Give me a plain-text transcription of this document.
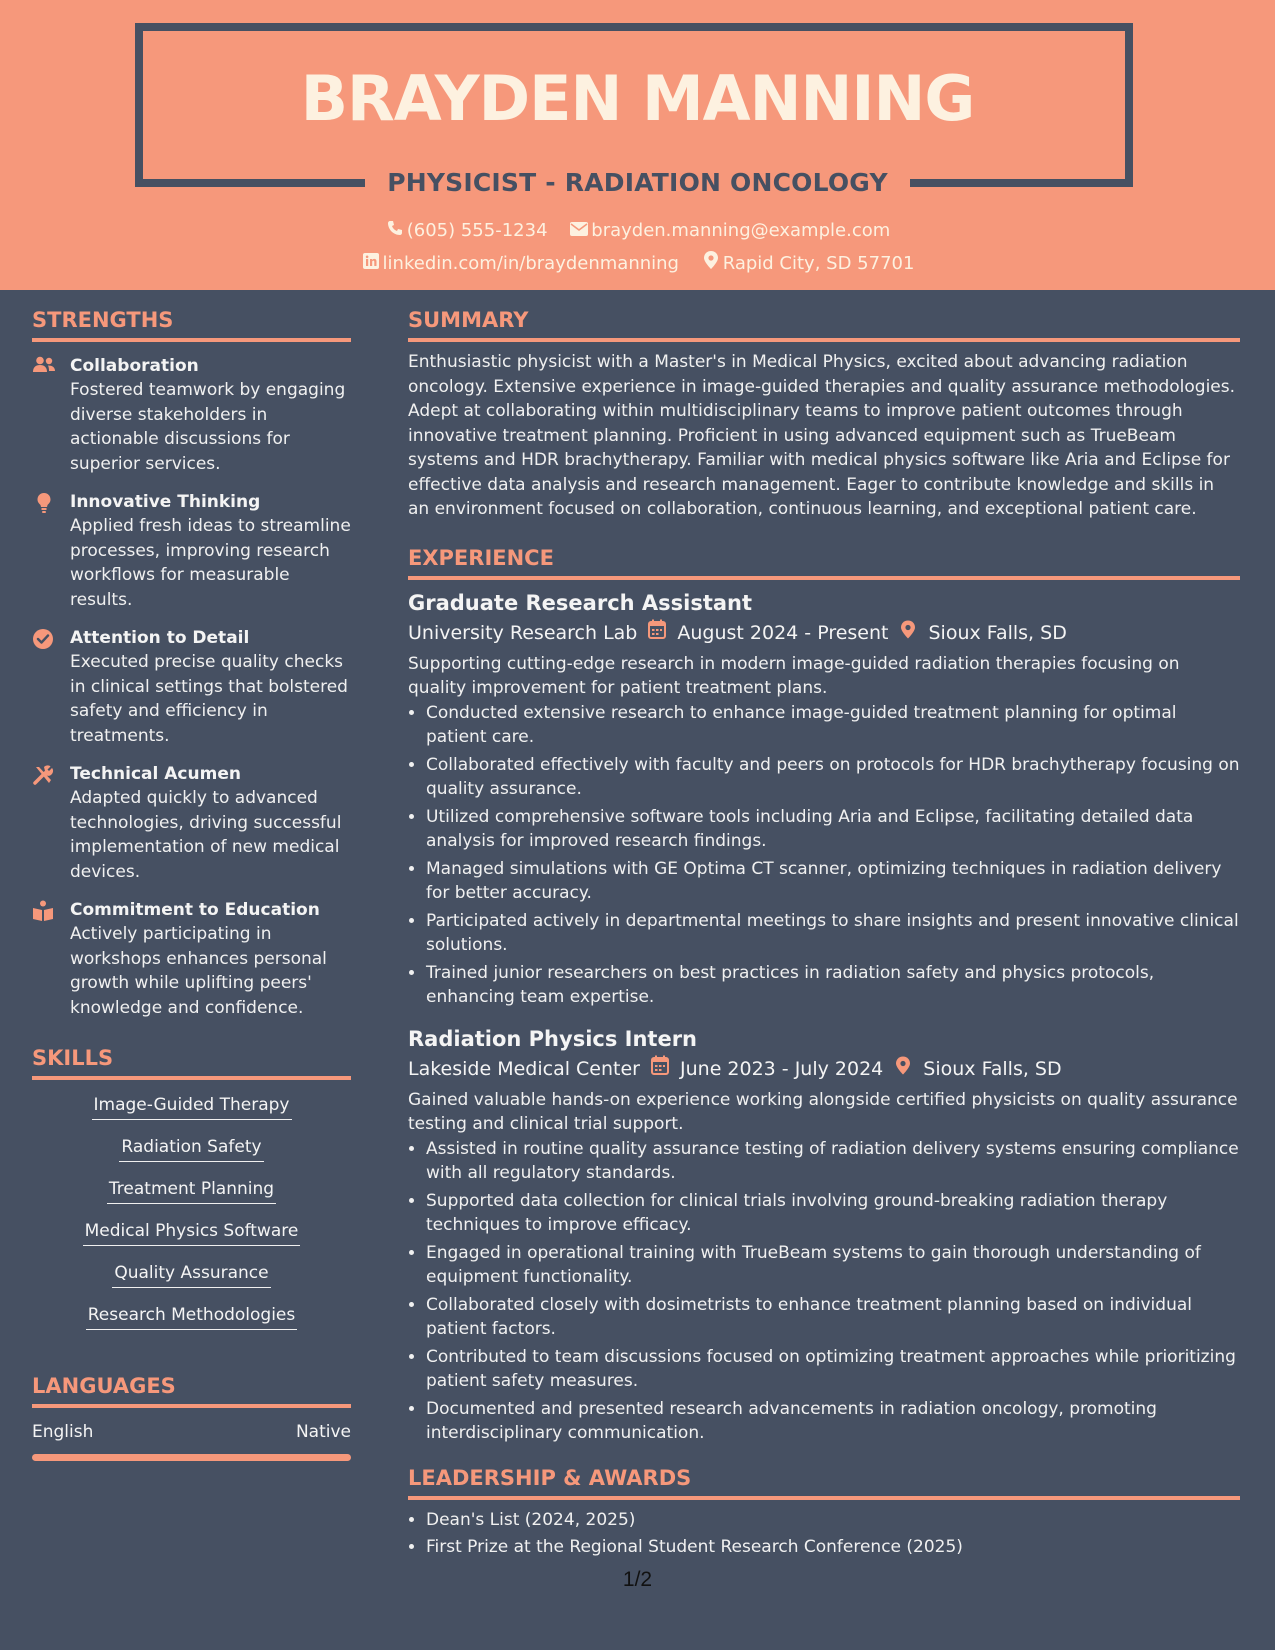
BRAYDEN MANNING
PHYSICIST - RADIATION ONCOLOGY
(605) 555-1234 brayden.manning@example.com
linkedin.com/in/braydenmanning Rapid City, SD 57701
STRENGTHS
Collaboration
Fostered teamwork by engaging diverse stakeholders in actionable discussions for superior services.
Innovative Thinking
Applied fresh ideas to streamline processes, improving research workflows for measurable results.
Attention to Detail
Executed precise quality checks in clinical settings that bolstered safety and efficiency in treatments.
Technical Acumen
Adapted quickly to advanced technologies, driving successful implementation of new medical devices.
Commitment to Education
Actively participating in workshops enhances personal growth while uplifting peers' knowledge and confidence.
SKILLS
Image-Guided Therapy
Radiation Safety
Treatment Planning
Medical Physics Software
Quality Assurance
Research Methodologies
LANGUAGES
English	Native
SUMMARY
Enthusiastic physicist with a Master's in Medical Physics, excited about advancing radiation oncology. Extensive experience in image-guided therapies and quality assurance methodologies. Adept at collaborating within multidisciplinary teams to improve patient outcomes through innovative treatment planning. Proficient in using advanced equipment such as TrueBeam systems and HDR brachytherapy. Familiar with medical physics software like Aria and Eclipse for effective data analysis and research management. Eager to contribute knowledge and skills in an environment focused on collaboration, continuous learning, and exceptional patient care.
EXPERIENCE
Graduate Research Assistant
University Research Lab August 2024 - Present Sioux Falls, SD
Supporting cutting-edge research in modern image-guided radiation therapies focusing on quality improvement for patient treatment plans.
• Conducted extensive research to enhance image-guided treatment planning for optimal patient care.
• Collaborated effectively with faculty and peers on protocols for HDR brachytherapy focusing on quality assurance.
• Utilized comprehensive software tools including Aria and Eclipse, facilitating detailed data analysis for improved research findings.
• Managed simulations with GE Optima CT scanner, optimizing techniques in radiation delivery for better accuracy.
• Participated actively in departmental meetings to share insights and present innovative clinical solutions.
• Trained junior researchers on best practices in radiation safety and physics protocols, enhancing team expertise.
Radiation Physics Intern
Lakeside Medical Center June 2023 - July 2024 Sioux Falls, SD
Gained valuable hands-on experience working alongside certified physicists on quality assurance testing and clinical trial support.
• Assisted in routine quality assurance testing of radiation delivery systems ensuring compliance with all regulatory standards.
• Supported data collection for clinical trials involving ground-breaking radiation therapy techniques to improve efficacy.
• Engaged in operational training with TrueBeam systems to gain thorough understanding of equipment functionality.
• Collaborated closely with dosimetrists to enhance treatment planning based on individual patient factors.
• Contributed to team discussions focused on optimizing treatment approaches while prioritizing patient safety measures.
• Documented and presented research advancements in radiation oncology, promoting interdisciplinary communication.
LEADERSHIP & AWARDS
• Dean's List (2024, 2025)
• First Prize at the Regional Student Research Conference (2025)
1/2
